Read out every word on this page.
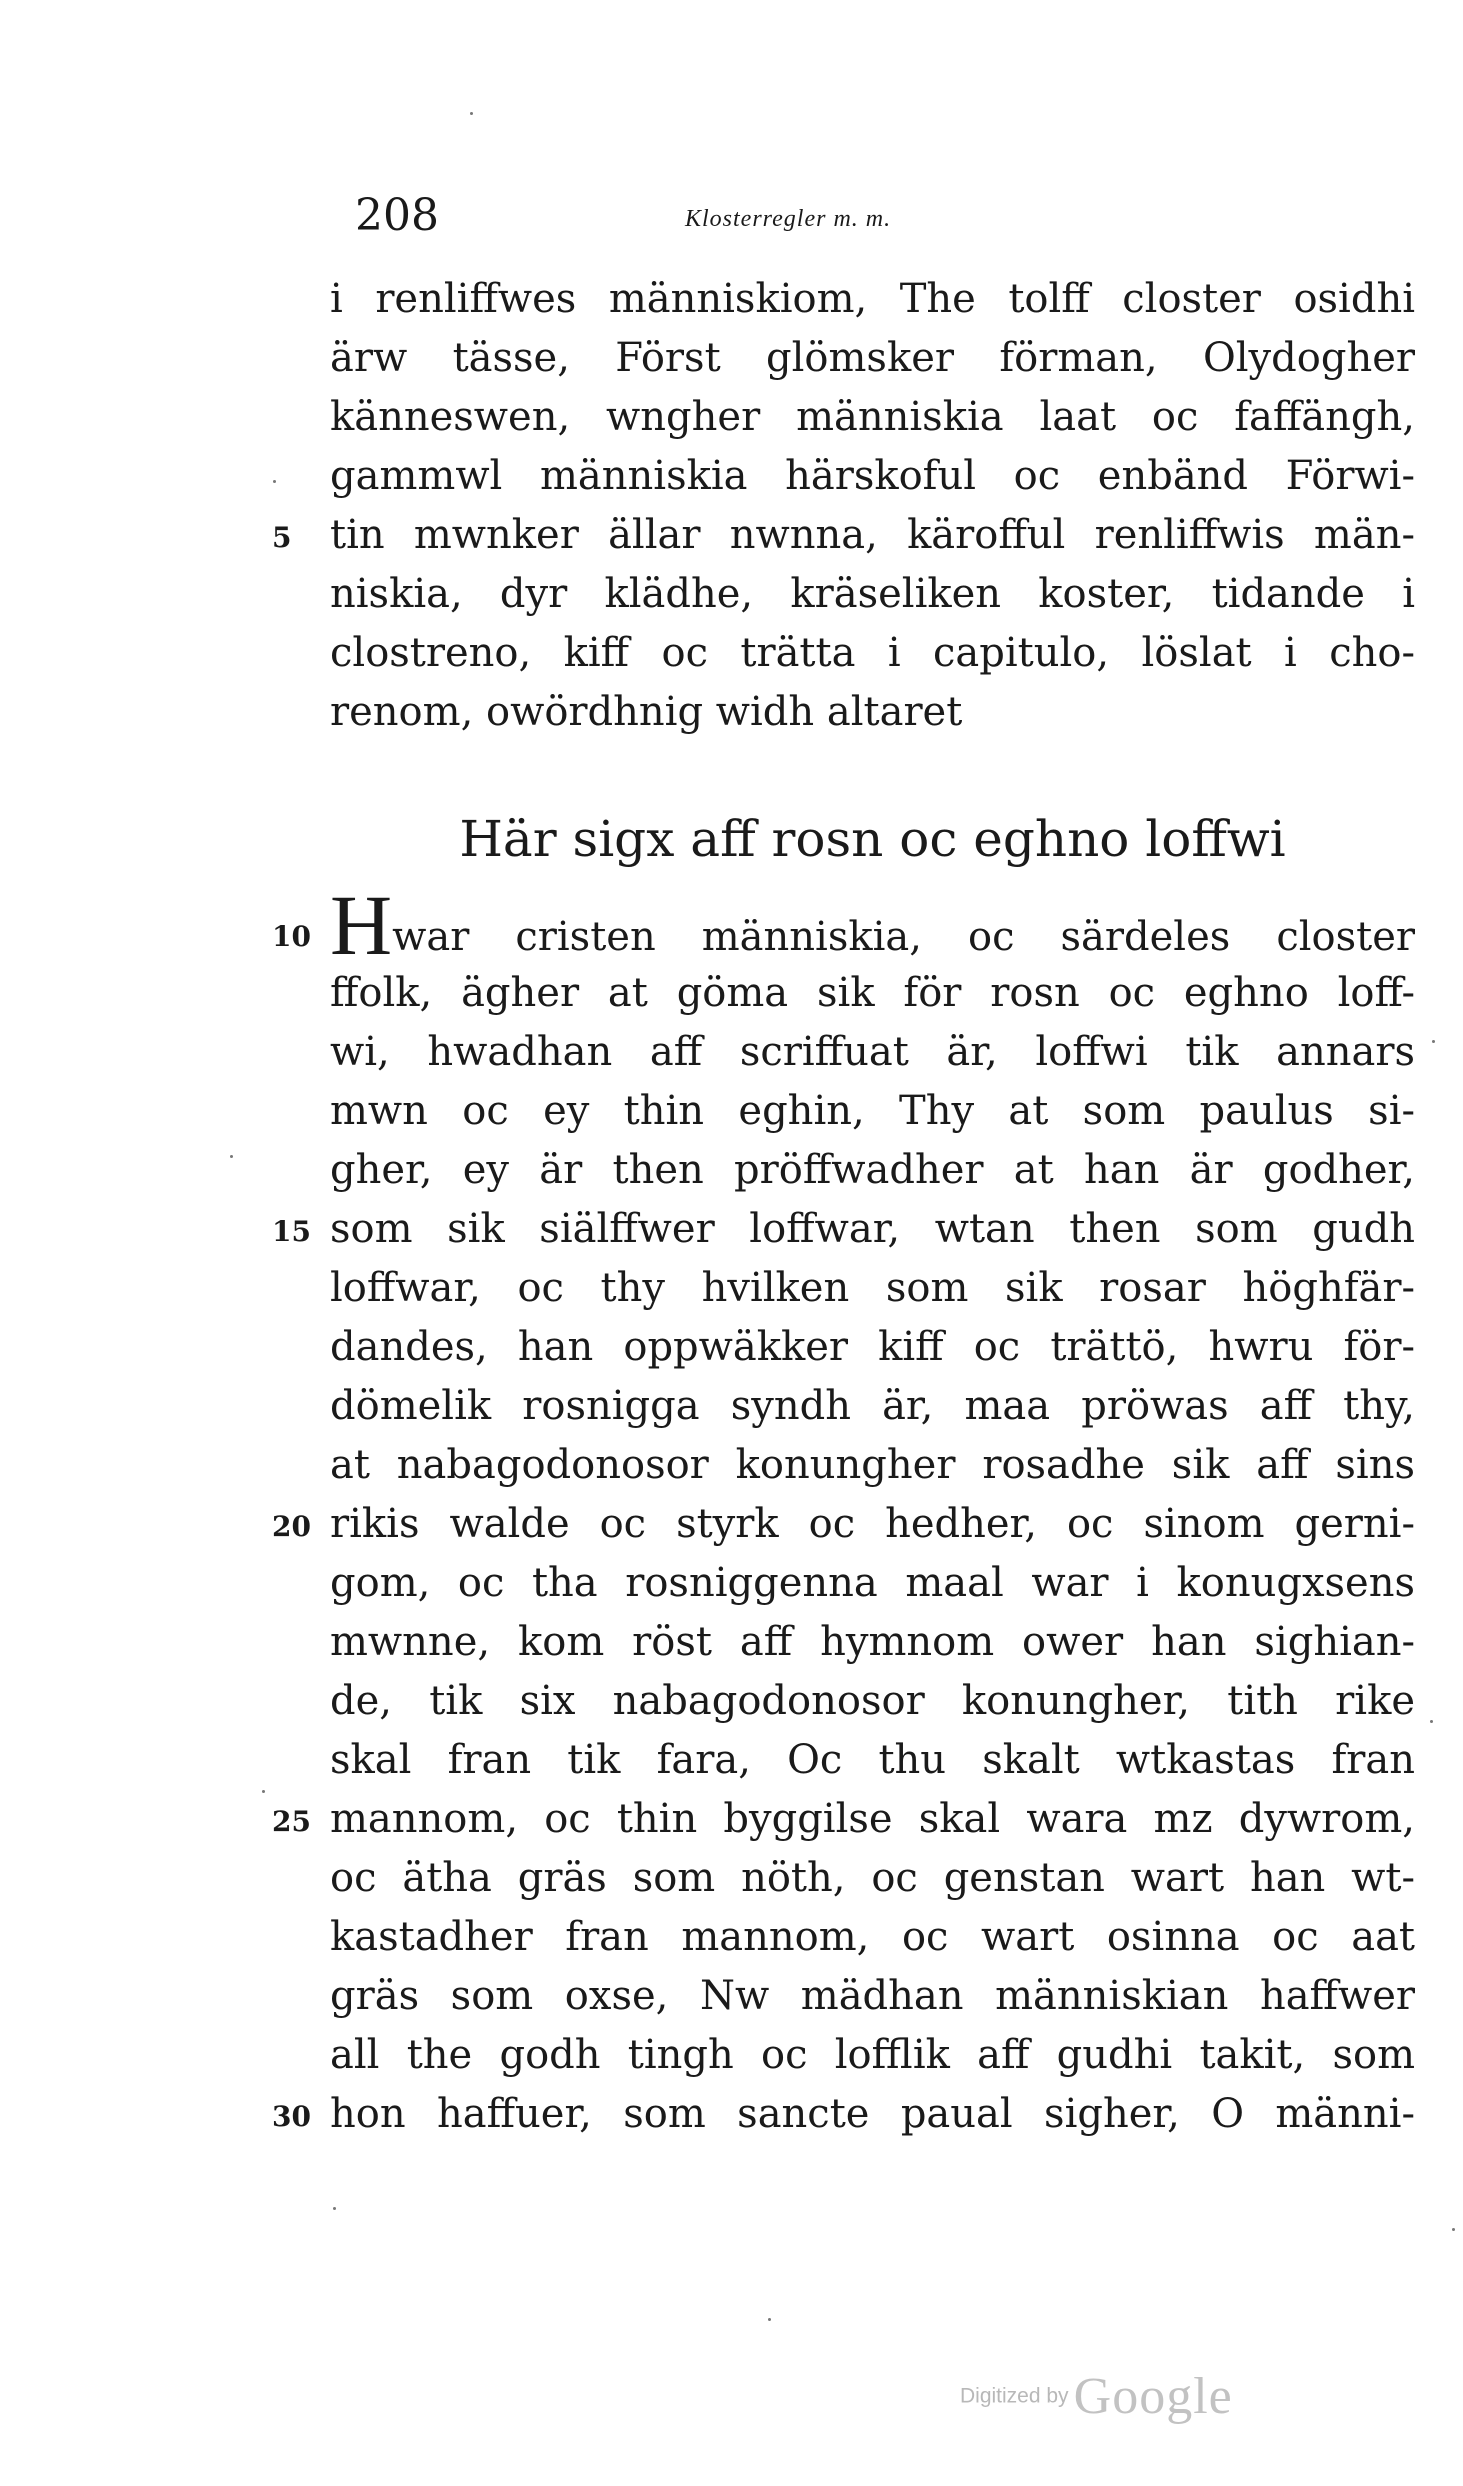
208	Klosterregler m. m.
i renliffwes människiom, The tolff closter osidhi
ärw tässe, Först glömsker förman, Olydogher
känneswen, wngher människia laat oc faffängh,
gammwl människia härskoful oc enbänd Förwi-
5 tin mwnker ällar nwnna, kärofful renliffwis män-
niskia, dyr klädhe, kräseliken koster, tidande i
clostreno, kiff oc trätta i capitulo, löslat i cho-
renom, owördhnig widh altaret
Här sigx aff rosn oc eghno loffwi
10 Hwar cristen människia, oc särdeles closter
ffolk, ägher at göma sik för rosn oc eghno loff-
wi, hwadhan aff scriffuat är, loffwi tik annars
mwn oc ey thin eghin, Thy at som paulus si-
gher, ey är then pröffwadher at han är godher,
15 som sik siälffwer loffwar, wtan then som gudh
loffwar, oc thy hvilken som sik rosar höghfär-
dandes, han oppwäkker kiff oc trättö, hwru för-
dömelik rosnigga syndh är, maa pröwas aff thy,
at nabagodonosor konungher rosadhe sik aff sins
20 rikis walde oc styrk oc hedher, oc sinom gerni-
gom, oc tha rosniggenna maal war i konugxsens
mwnne, kom röst aff hymnom ower han sighian-
de, tik six nabagodonosor konungher, tith rike
skal fran tik fara, Oc thu skalt wtkastas fran
25 mannom, oc thin byggilse skal wara mz dywrom,
oc ätha gräs som nöth, oc genstan wart han wt-
kastadher fran mannom, oc wart osinna oc aat
gräs som oxse, Nw mädhan människian haffwer
all the godh tingh oc lofflik aff gudhi takit, som
30 hon haffuer, som sancte paual sigher, O männi-
Digitized by Google
